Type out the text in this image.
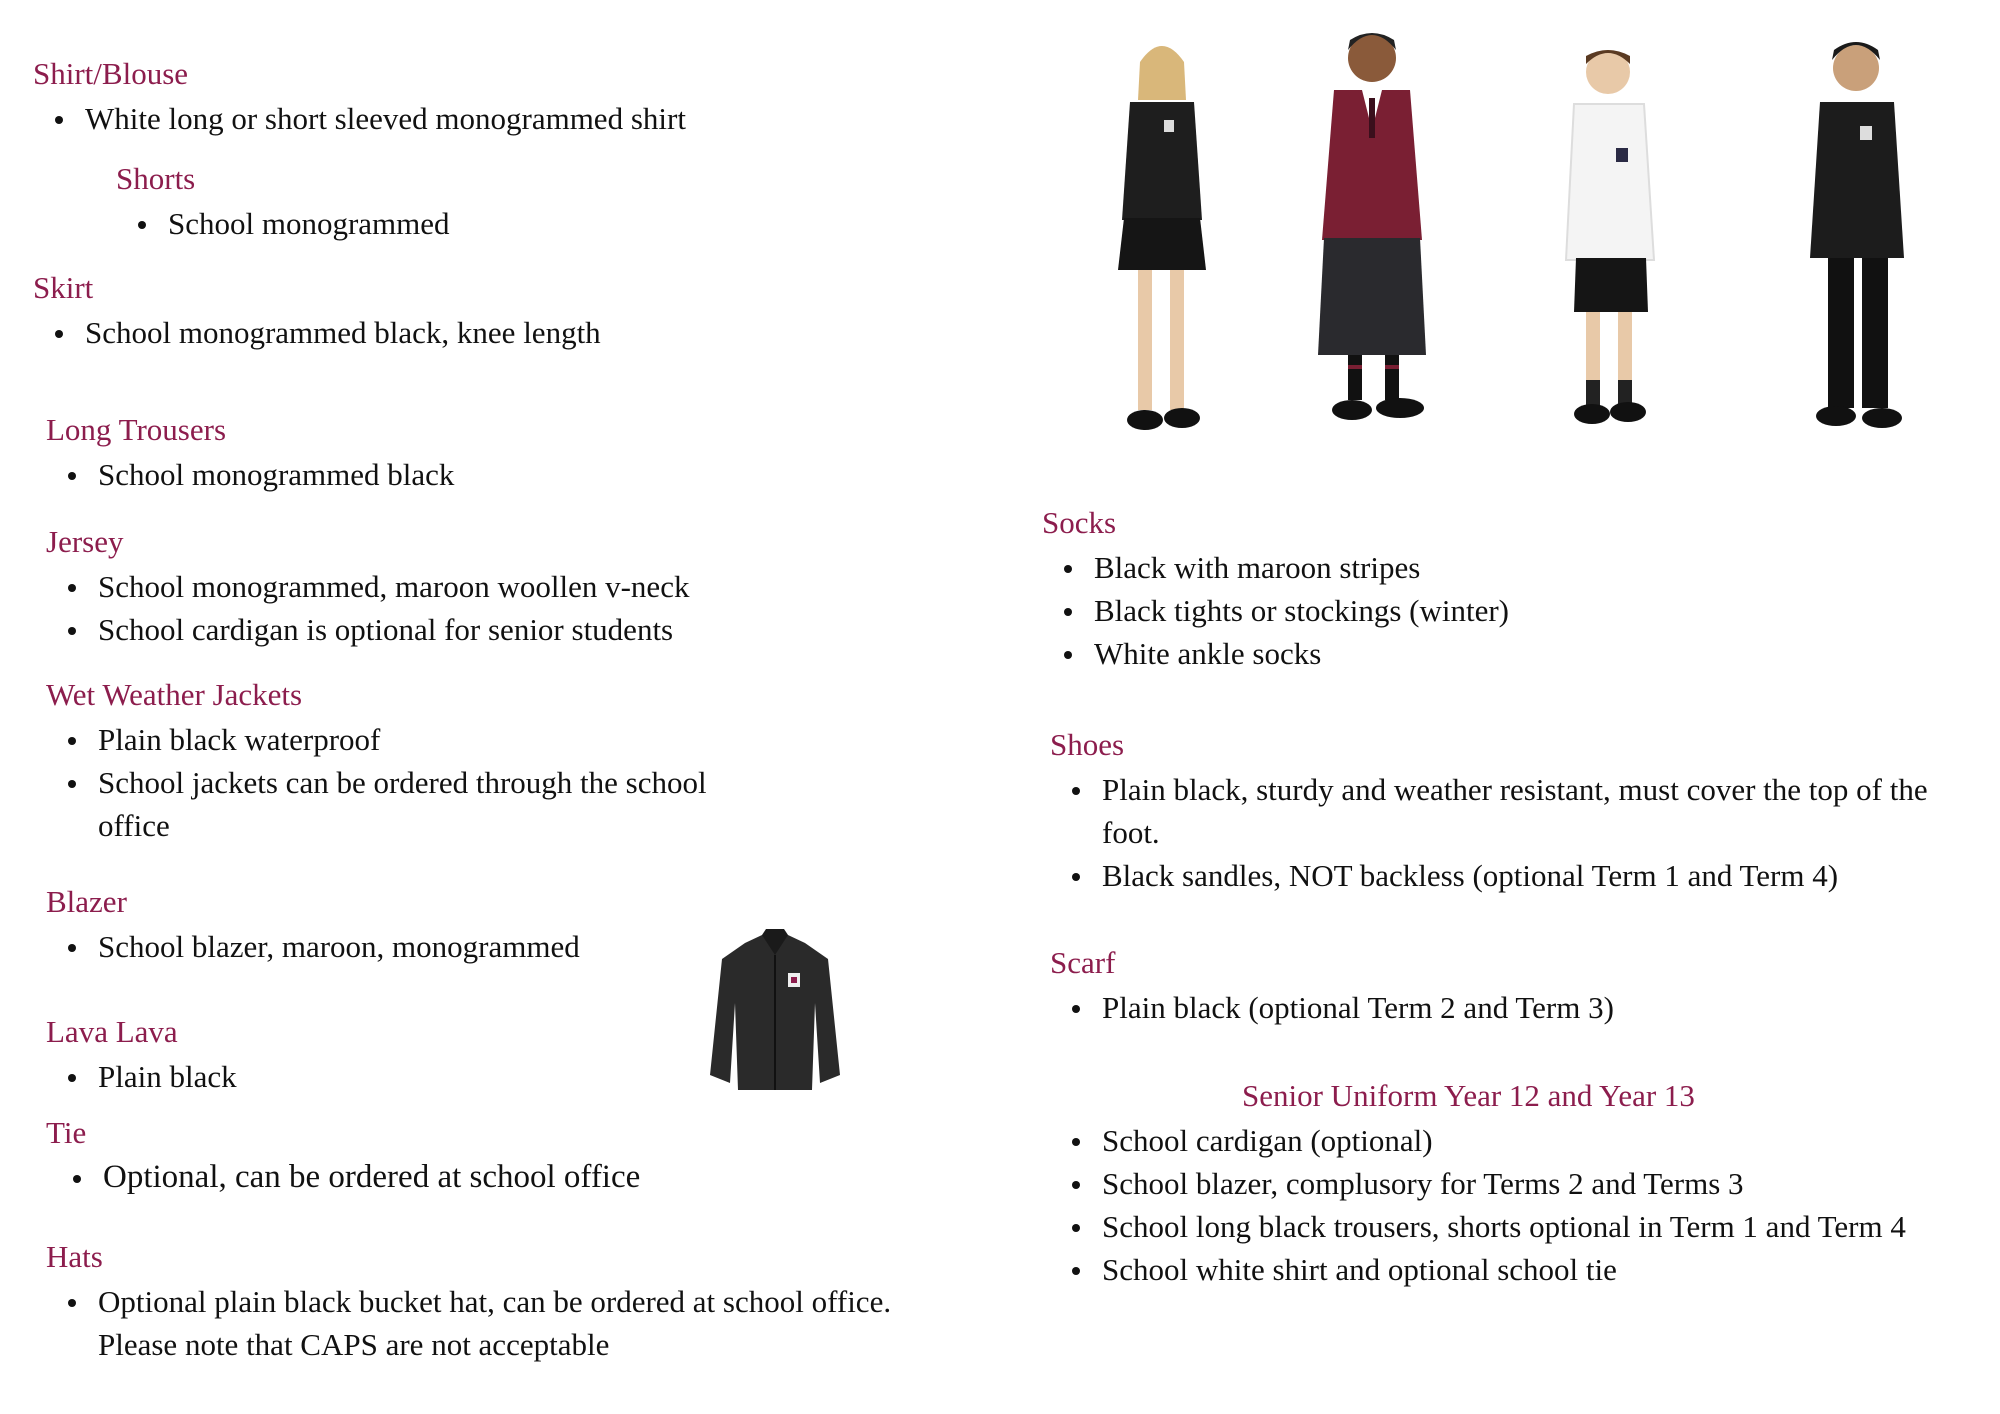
Shirt/Blouse
White long or short sleeved monogrammed shirt
Shorts
School monogrammed
Skirt
School monogrammed black, knee length
Long Trousers
School monogrammed black
Jersey
School monogrammed, maroon woollen v-neck
School cardigan is optional for senior students
Wet Weather Jackets
Plain black waterproof
School jackets can be ordered through the school office
Blazer
School blazer, maroon, monogrammed
Lava Lava
Plain black
Tie
Optional, can be ordered at school office
Hats
Optional plain black bucket hat, can be ordered at school office. Please note that CAPS are not acceptable
Socks
Black with maroon stripes
Black tights or stockings (winter)
White ankle socks
Shoes
Plain black, sturdy and weather resistant, must cover the top of the foot.
Black sandles, NOT backless (optional Term 1 and Term 4)
Scarf
Plain black (optional Term 2 and Term 3)
Senior Uniform Year 12 and Year 13
School cardigan (optional)
School blazer, complusory for Terms 2 and Terms 3
School long black trousers, shorts optional in Term 1 and Term 4
School white shirt and optional school tie
